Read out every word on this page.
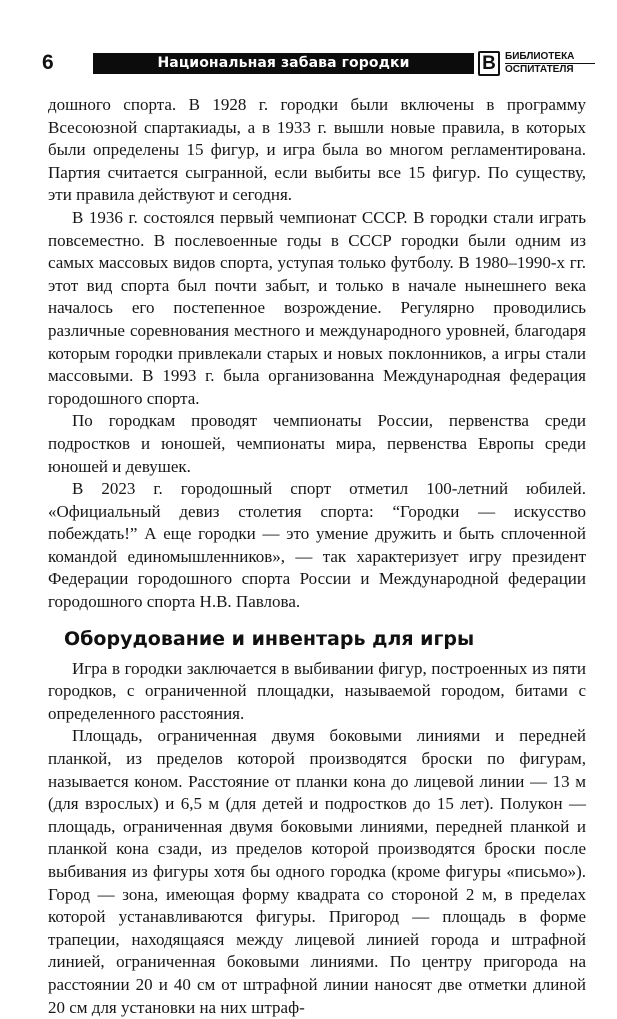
6	Национальная забава городки	B БИБЛИОТЕКА
ОСПИТАТЕЛЯ

дошного спорта. В 1928 г. городки были включены в программу Всесоюзной спартакиады, а в 1933 г. вышли новые правила, в которых были определены 15 фигур, и игра была во многом регламентирована. Партия считается сыгранной, если выбиты все 15 фигур. По существу, эти правила действуют и сегодня.

В 1936 г. состоялся первый чемпионат СССР. В городки стали играть повсеместно. В послевоенные годы в СССР городки были одним из самых массовых видов спорта, уступая только футболу. В 1980–1990-х гг. этот вид спорта был почти забыт, и только в начале нынешнего века началось его постепенное возрождение. Регулярно проводились различные соревнования местного и международного уровней, благодаря которым городки привлекали старых и новых поклонников, а игры стали массовыми. В 1993 г. была организованна Международная федерация городошного спорта.

По городкам проводят чемпионаты России, первенства среди подростков и юношей, чемпионаты мира, первенства Европы среди юношей и девушек.

В 2023 г. городошный спорт отметил 100-летний юбилей. «Официальный девиз столетия спорта: “Городки — искусство побеждать!” А еще городки — это умение дружить и быть сплоченной командой единомышленников», — так характеризует игру президент Федерации городошного спорта России и Международной федерации городошного спорта Н.В. Павлова.

Оборудование и инвентарь для игры

Игра в городки заключается в выбивании фигур, построенных из пяти городков, с ограниченной площадки, называемой городом, битами с определенного расстояния.

Площадь, ограниченная двумя боковыми линиями и передней планкой, из пределов которой производятся броски по фигурам, называется коном. Расстояние от планки кона до лицевой линии — 13 м (для взрослых) и 6,5 м (для детей и подростков до 15 лет). Полукон — площадь, ограниченная двумя боковыми линиями, передней планкой и планкой кона сзади, из пределов которой производятся броски после выбивания из фигуры хотя бы одного городка (кроме фигуры «письмо»). Город — зона, имеющая форму квадрата со стороной 2 м, в пределах которой устанавливаются фигуры. Пригород — площадь в форме трапеции, находящаяся между лицевой линией города и штрафной линией, ограниченная боковыми линиями. По центру пригорода на расстоянии 20 и 40 см от штрафной линии наносят две отметки длиной 20 см для установки на них штраф-
